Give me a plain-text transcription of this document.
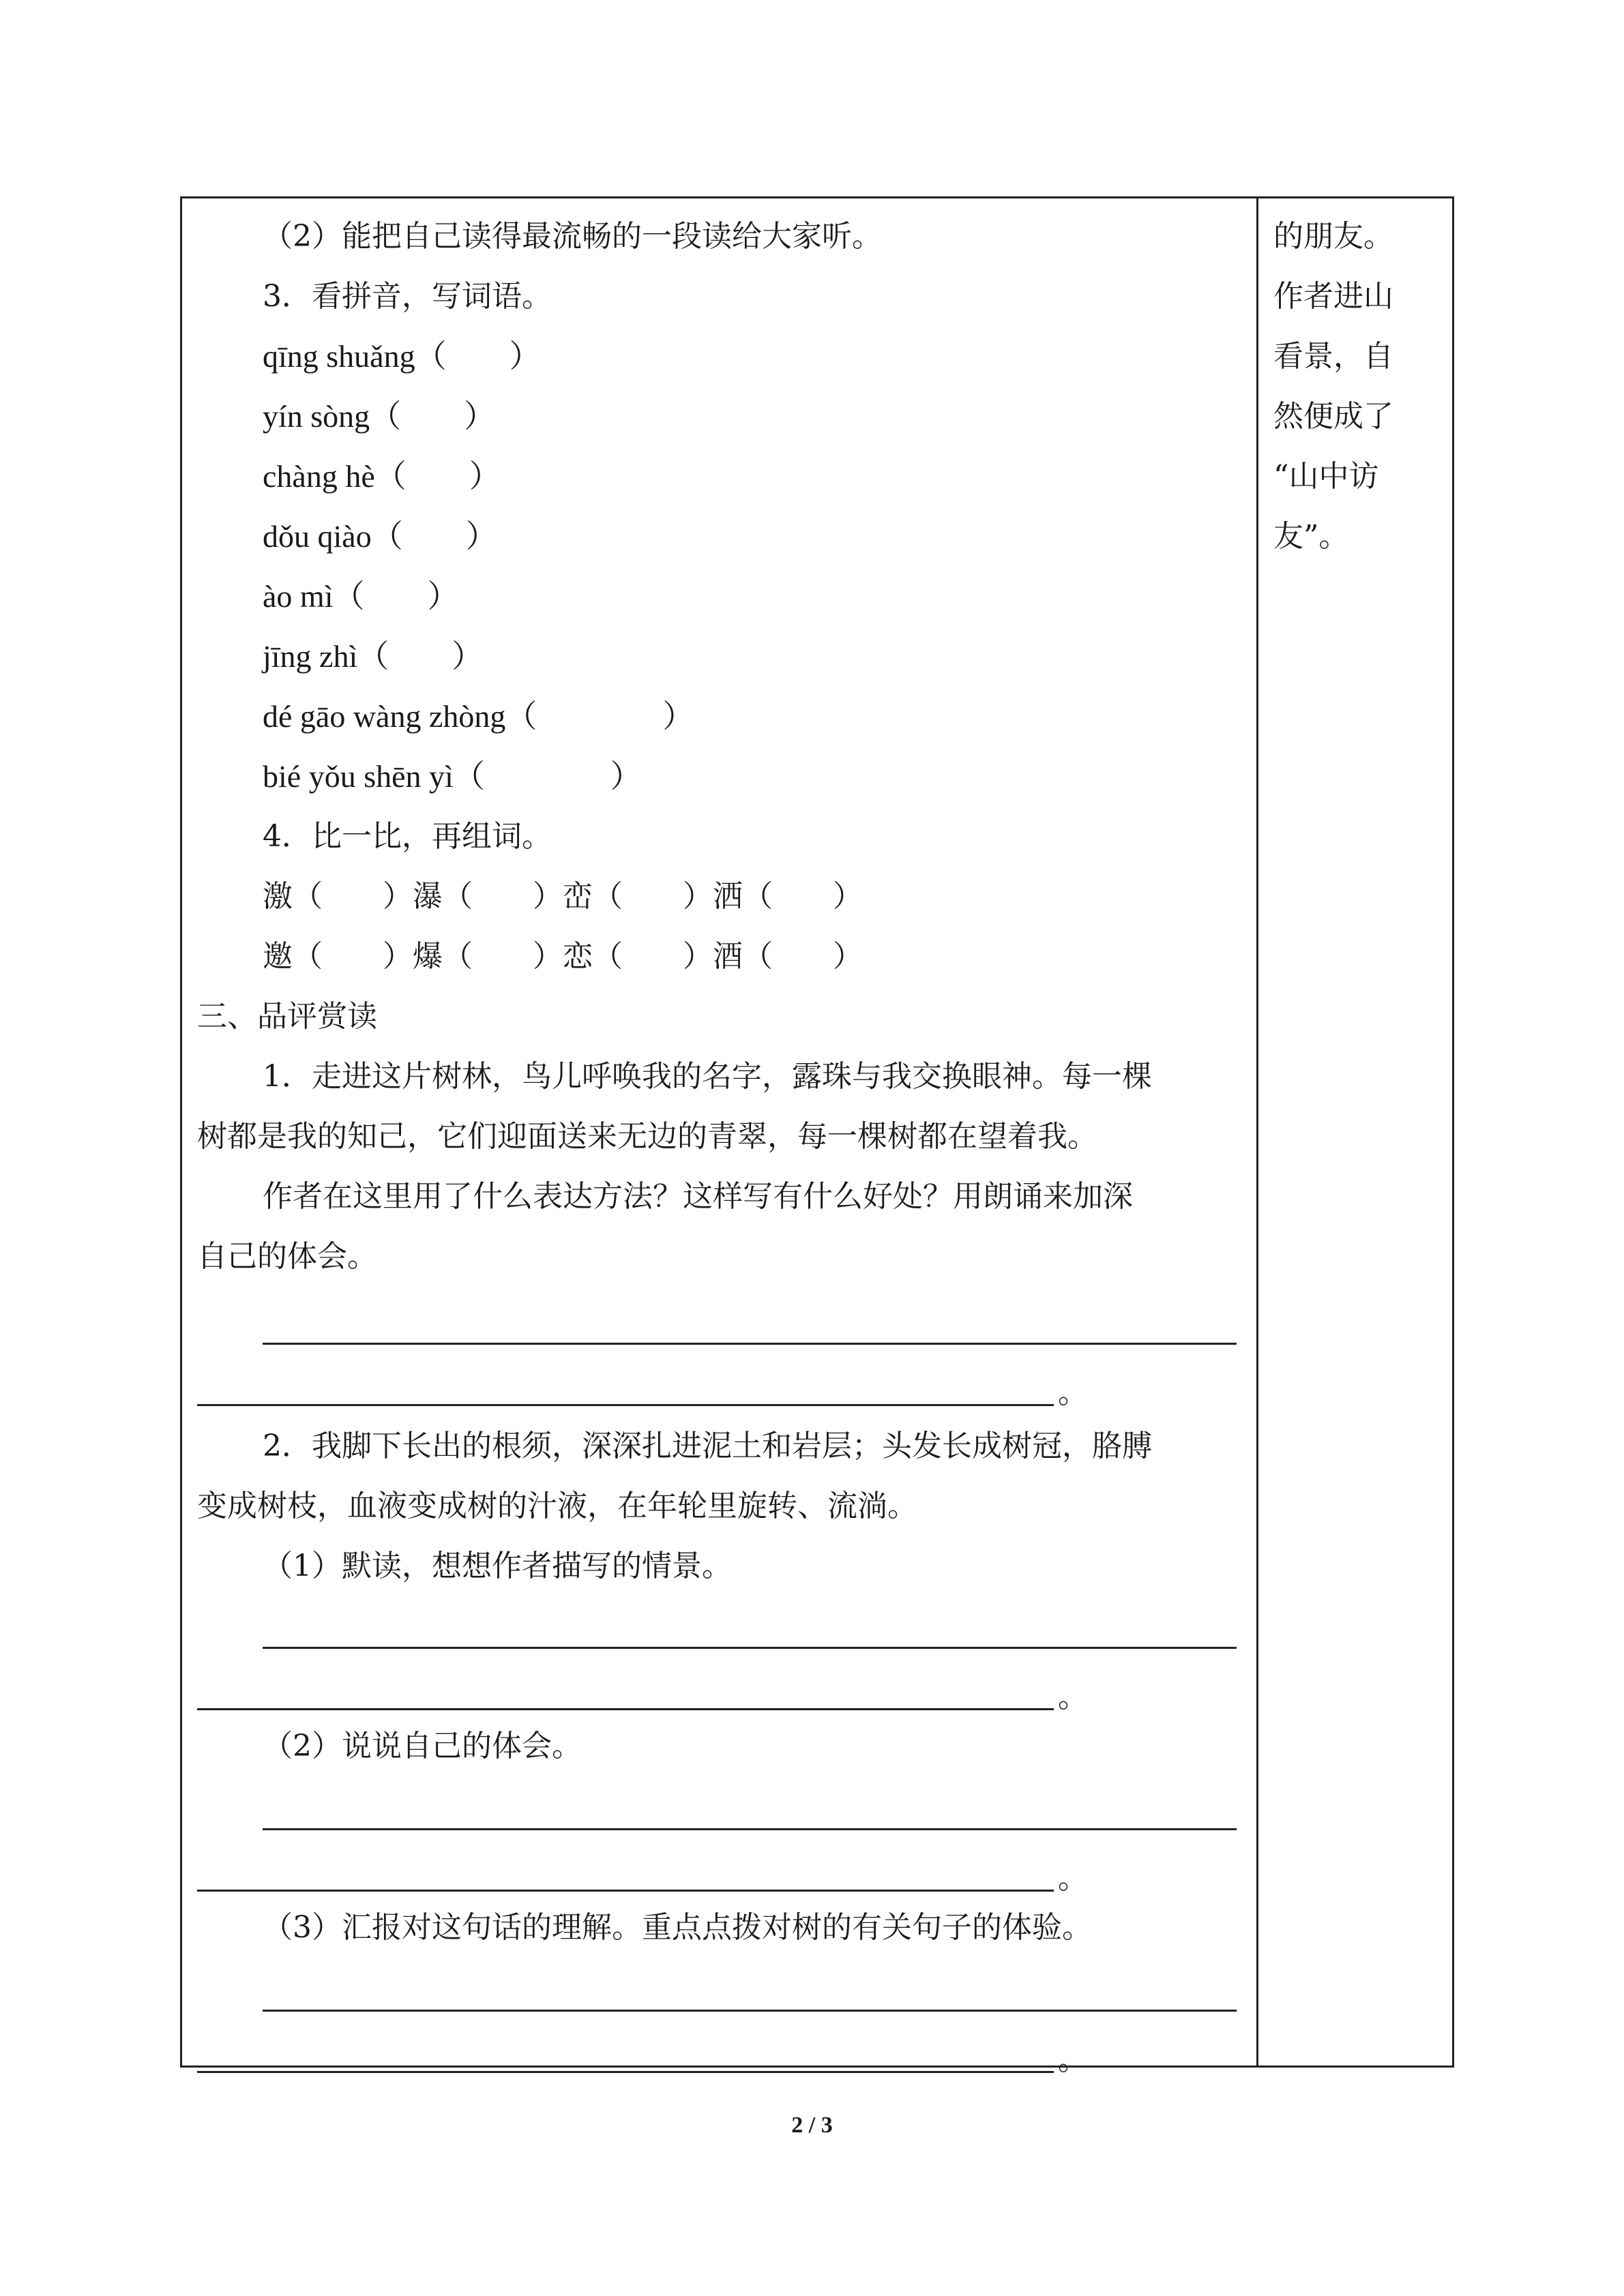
（2）能把自己读得最流畅的一段读给大家听。
3．看拼音，写词语。
qīng shuǎng（　　）
yín sòng（　　）
chàng hè（　　）
dǒu qiào（　　）
ào mì（　　）
jīng zhì（　　）
dé gāo wàng zhòng（　　　　）
bié yǒu shēn yì（　　　　）
4．比一比，再组词。
激（　　）瀑（　　）峦（　　）洒（　　）
邀（　　）爆（　　）恋（　　）酒（　　）
三、品评赏读
1．走进这片树林，鸟儿呼唤我的名字，露珠与我交换眼神。每一棵
树都是我的知己，它们迎面送来无边的青翠，每一棵树都在望着我。
作者在这里用了什么表达方法？这样写有什么好处？用朗诵来加深
自己的体会。
。
2．我脚下长出的根须，深深扎进泥土和岩层；头发长成树冠，胳膊
变成树枝，血液变成树的汁液，在年轮里旋转、流淌。
（1）默读，想想作者描写的情景。
。
（2）说说自己的体会。
。
（3）汇报对这句话的理解。重点点拨对树的有关句子的体验。
。
的朋友。
作者进山
看景，自
然便成了
“山中访
友”。
2 / 3
